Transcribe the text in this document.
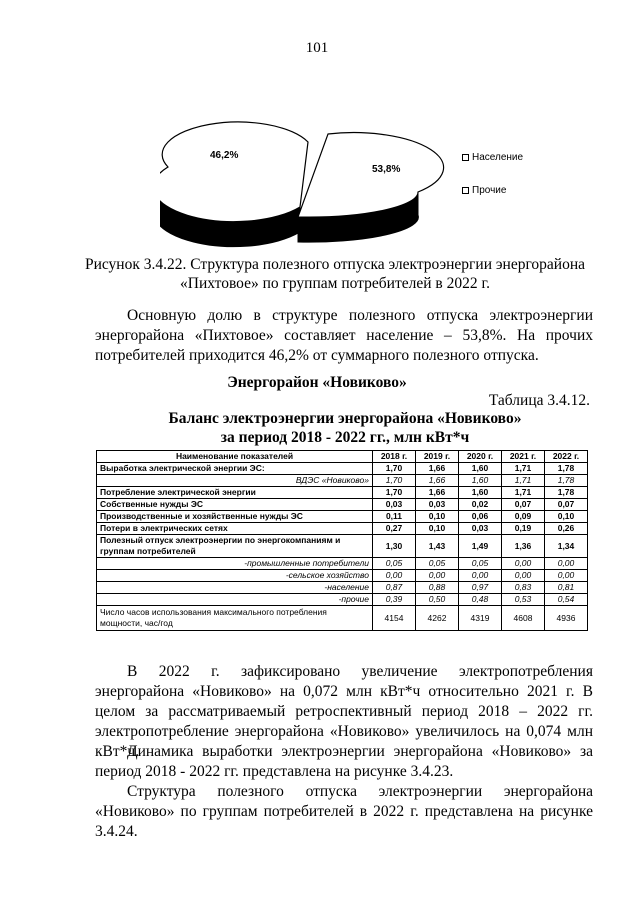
101
46,2%
53,8%
Население
Прочие
Рисунок 3.4.22. Структура полезного отпуска электроэнергии энергорайона «Пихтовое» по группам потребителей в 2022 г.
Основную долю в структуре полезного отпуска электроэнергии энергорайона «Пихтовое» составляет население – 53,8%. На прочих потребителей приходится 46,2% от суммарного полезного отпуска.
Энергорайон «Новиково»
Таблица 3.4.12.
Баланс электроэнергии энергорайона «Новиково»
за период 2018 - 2022 гг., млн кВт*ч
Наименование показателей	2018 г.	2019 г.	2020 г.	2021 г.	2022 г.
Выработка электрической энергии ЭС:	1,70	1,66	1,60	1,71	1,78
ВДЭС «Новиково»	1,70	1,66	1,60	1,71	1,78
Потребление электрической энергии	1,70	1,66	1,60	1,71	1,78
Собственные нужды ЭС	0,03	0,03	0,02	0,07	0,07
Производственные и хозяйственные нужды ЭС	0,11	0,10	0,06	0,09	0,10
Потери в электрических сетях	0,27	0,10	0,03	0,19	0,26
Полезный отпуск электроэнергии по энергокомпаниям и группам потребителей	1,30	1,43	1,49	1,36	1,34
-промышленные потребители	0,05	0,05	0,05	0,00	0,00
-сельское хозяйство	0,00	0,00	0,00	0,00	0,00
-население	0,87	0,88	0,97	0,83	0,81
-прочие	0,39	0,50	0,48	0,53	0,54
Число часов использования максимального потребления мощности, час/год	4154	4262	4319	4608	4936
В 2022 г. зафиксировано увеличение электропотребления энергорайона «Новиково» на 0,072 млн кВт*ч относительно 2021 г. В целом за рассматриваемый ретроспективный период 2018 – 2022 гг. электропотребление энергорайона «Новиково» увеличилось на 0,074 млн кВт*ч.
Динамика выработки электроэнергии энергорайона «Новиково» за период 2018 - 2022 гг. представлена на рисунке 3.4.23.
Структура полезного отпуска электроэнергии энергорайона «Новиково» по группам потребителей в 2022 г. представлена на рисунке 3.4.24.
